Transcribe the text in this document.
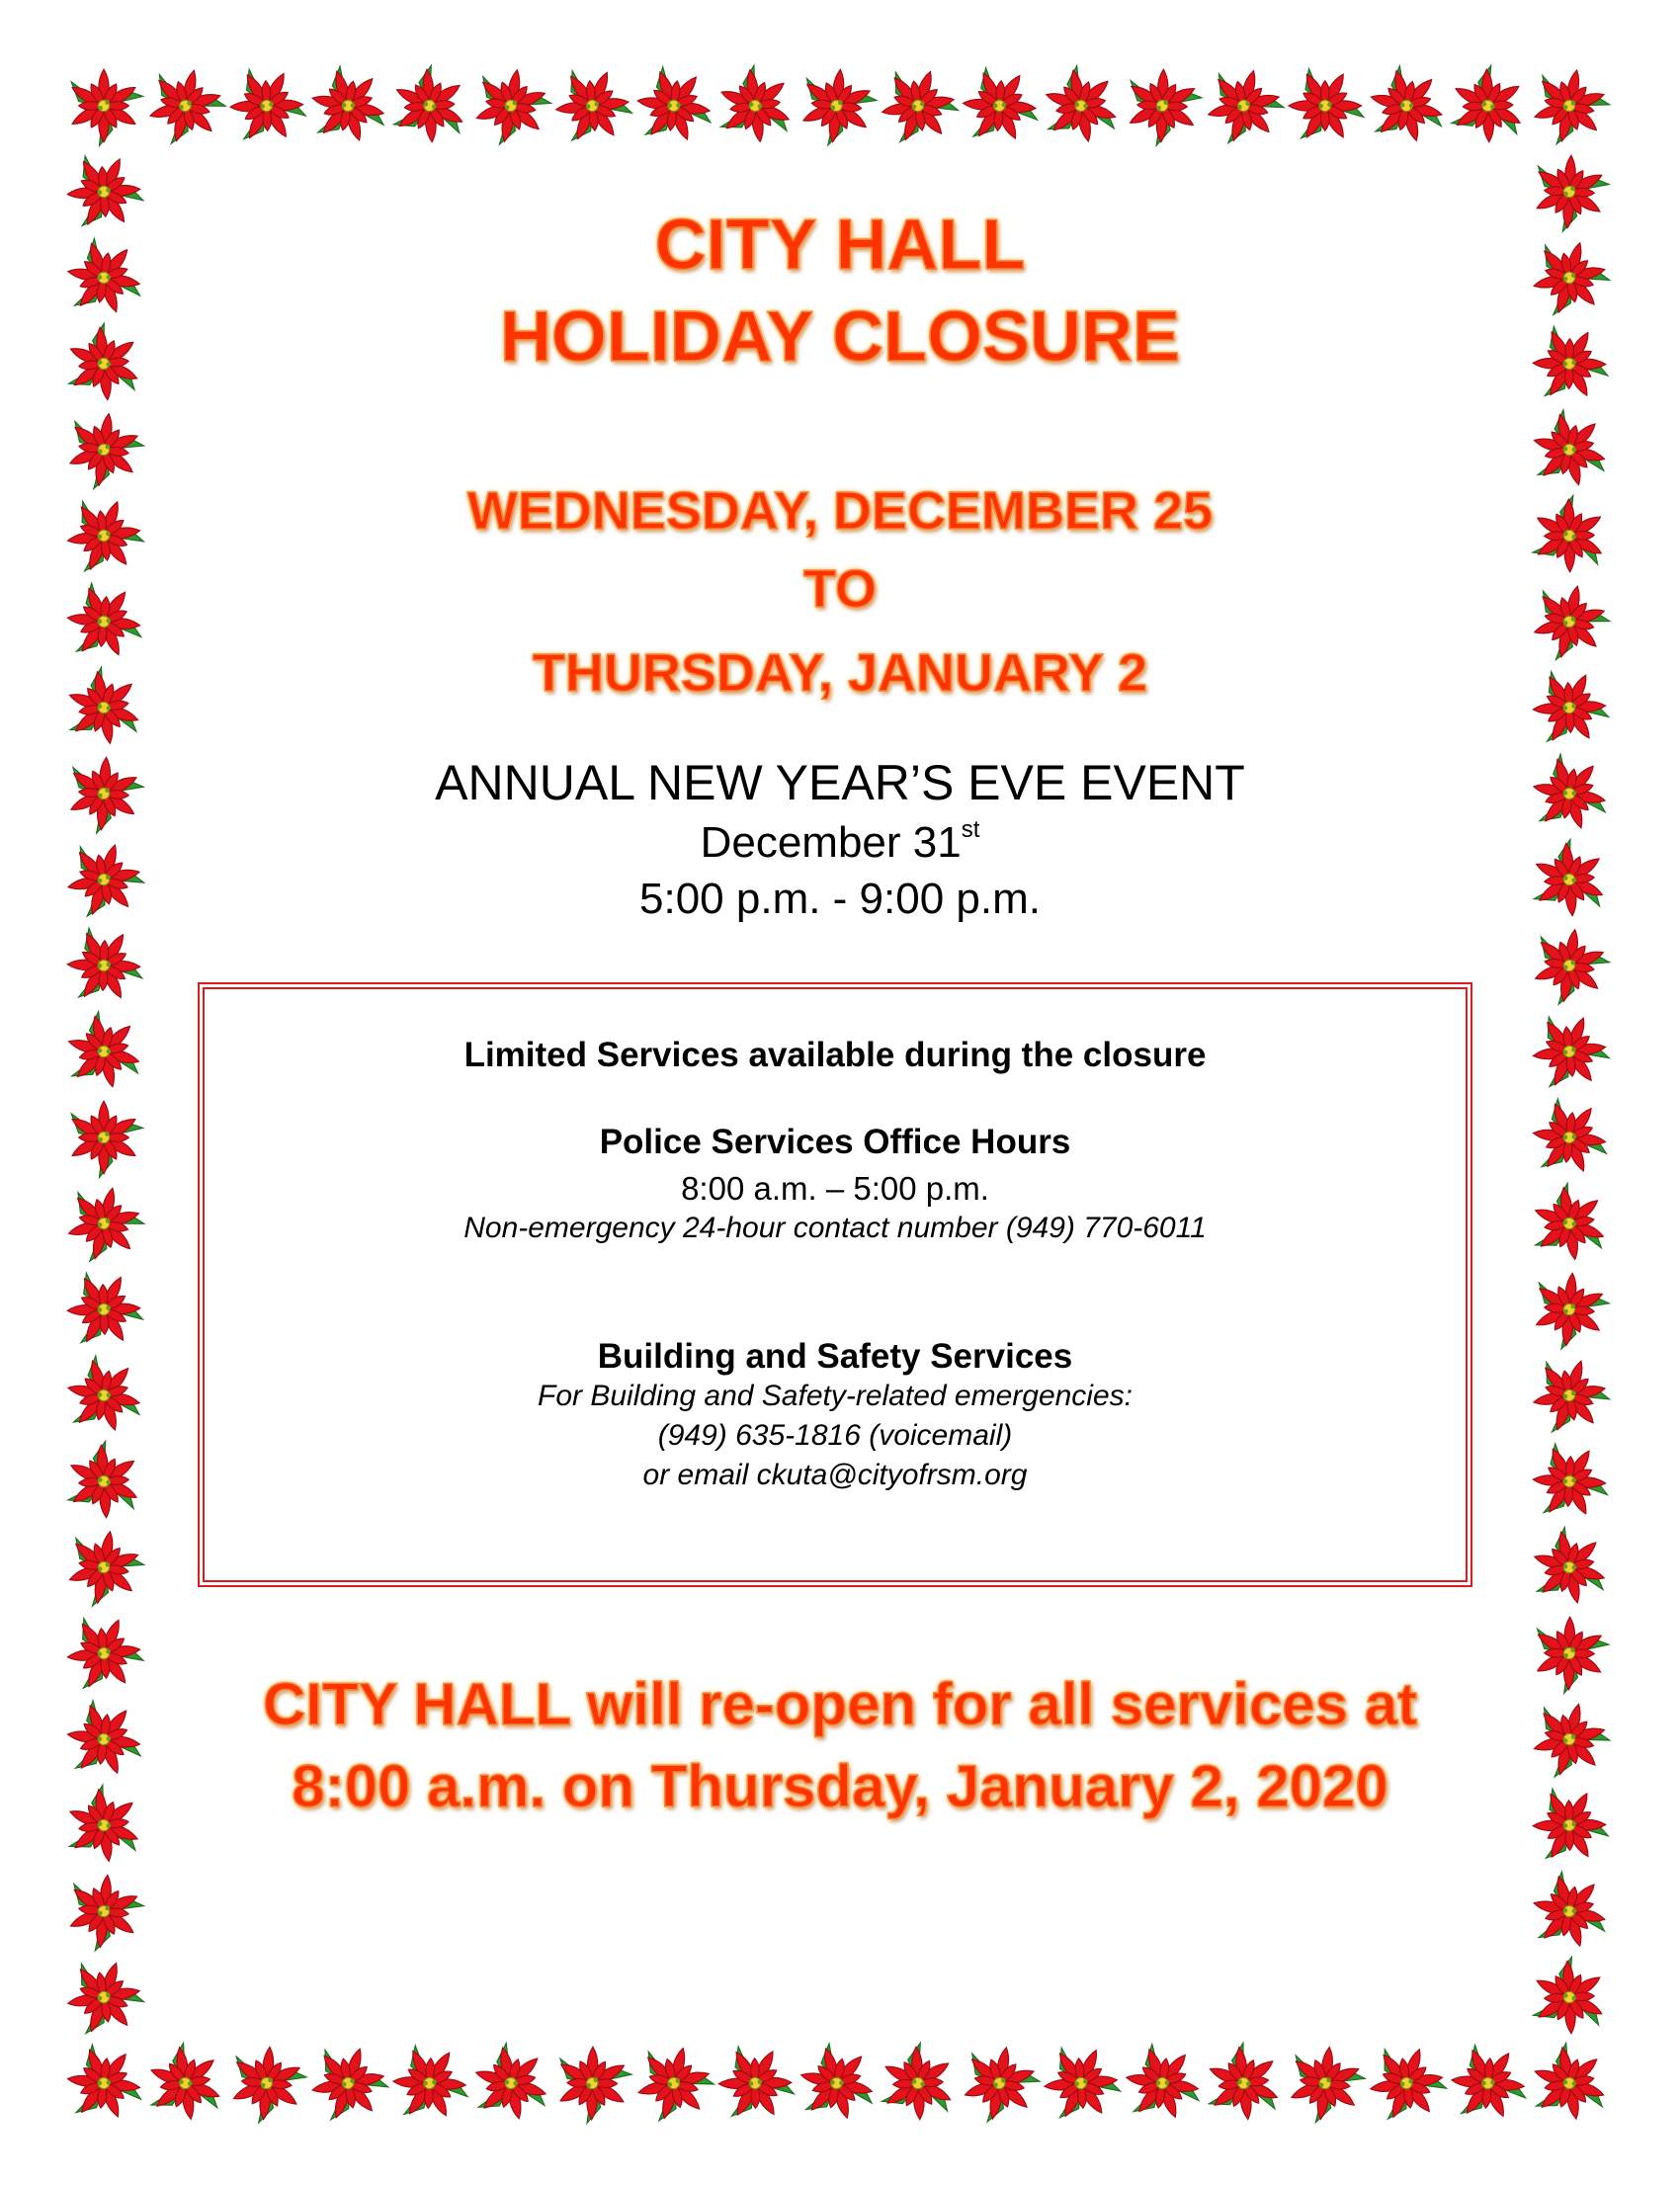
CITY HALL
HOLIDAY CLOSURE
WEDNESDAY, DECEMBER 25
TO
THURSDAY, JANUARY 2

ANNUAL NEW YEAR’S EVE EVENT

December 31st

5:00 p.m. - 9:00 p.m.

Limited Services available during the closure

Police Services Office Hours

8:00 a.m. – 5:00 p.m.

Non-emergency 24-hour contact number (949) 770-6011

Building and Safety Services

For Building and Safety-related emergencies:

(949) 635-1816 (voicemail)

or email ckuta@cityofrsm.org

CITY HALL will re-open for all services at

8:00 a.m. on Thursday, January 2, 2020
